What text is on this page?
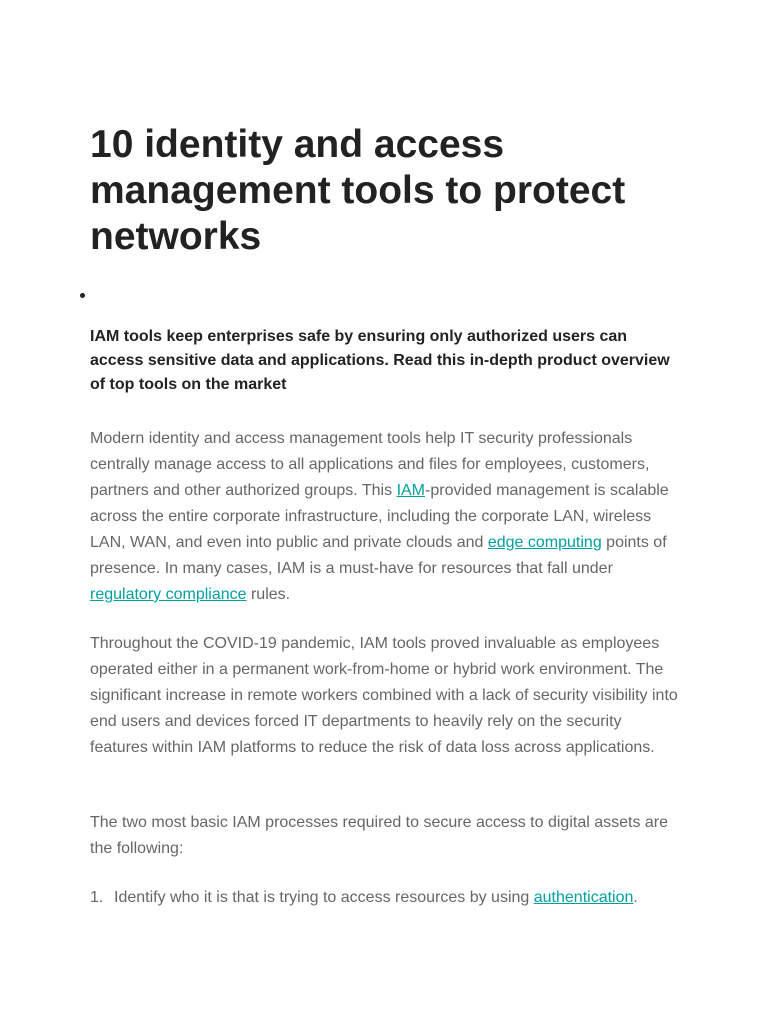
10 identity and access management tools to protect networks

IAM tools keep enterprises safe by ensuring only authorized users can access sensitive data and applications. Read this in-depth product overview of top tools on the market

Modern identity and access management tools help IT security professionals centrally manage access to all applications and files for employees, customers, partners and other authorized groups. This IAM-provided management is scalable across the entire corporate infrastructure, including the corporate LAN, wireless LAN, WAN, and even into public and private clouds and edge computing points of presence. In many cases, IAM is a must-have for resources that fall under regulatory compliance rules.

Throughout the COVID-19 pandemic, IAM tools proved invaluable as employees operated either in a permanent work-from-home or hybrid work environment. The significant increase in remote workers combined with a lack of security visibility into end users and devices forced IT departments to heavily rely on the security features within IAM platforms to reduce the risk of data loss across applications.

The two most basic IAM processes required to secure access to digital assets are the following:

1. Identify who it is that is trying to access resources by using authentication.
